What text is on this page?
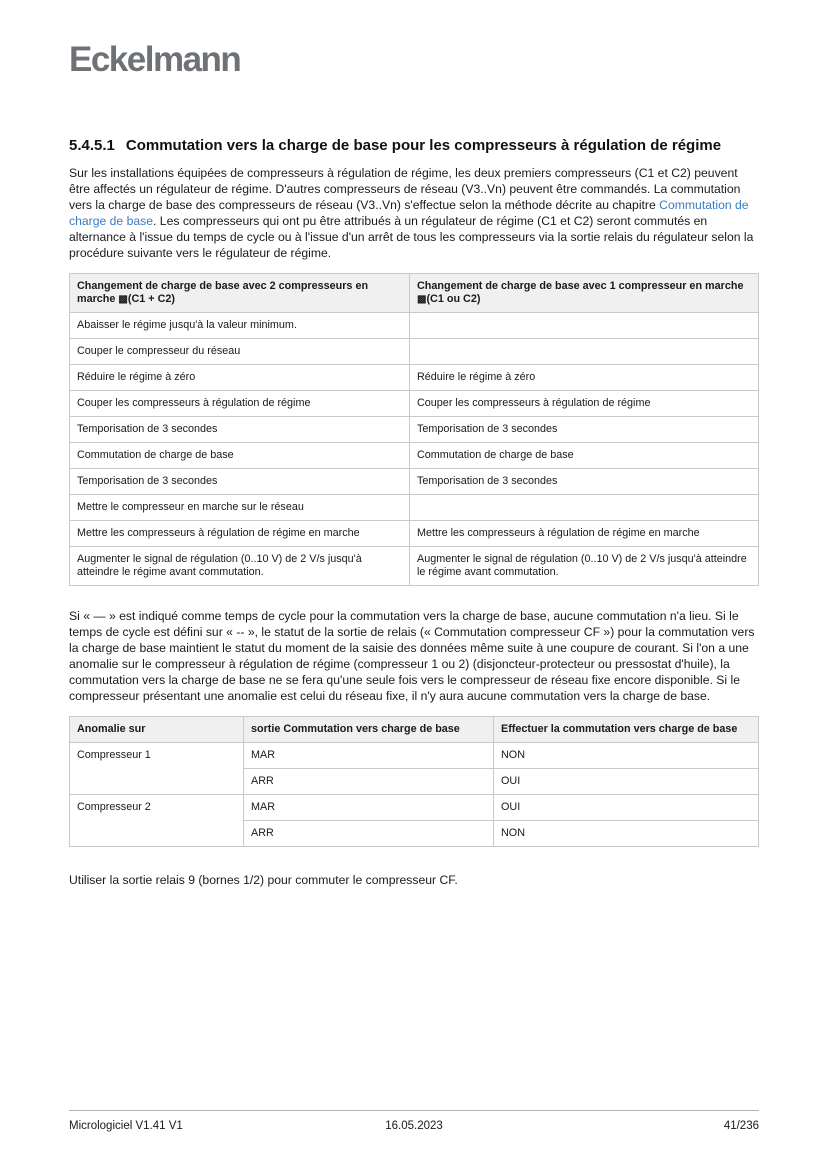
Eckelmann
5.4.5.1 Commutation vers la charge de base pour les compresseurs à régulation de régime
Sur les installations équipées de compresseurs à régulation de régime, les deux premiers compresseurs (C1 et C2) peuvent être affectés un régulateur de régime. D'autres compresseurs de réseau (V3..Vn) peuvent être commandés. La commutation vers la charge de base des compresseurs de réseau (V3..Vn) s'effectue selon la méthode décrite au chapitre Commutation de charge de base. Les compresseurs qui ont pu être attribués à un régulateur de régime (C1 et C2) seront commutés en alternance à l'issue du temps de cycle ou à l'issue d'un arrêt de tous les compresseurs via la sortie relais du régulateur selon la procédure suivante vers le régulateur de régime.
Changement de charge de base avec 2 compresseurs en marche ▩(C1 + C2)	Changement de charge de base avec 1 compresseur en marche ▩(C1 ou C2)
Abaisser le régime jusqu'à la valeur minimum.	
Couper le compresseur du réseau	
Réduire le régime à zéro	Réduire le régime à zéro
Couper les compresseurs à régulation de régime	Couper les compresseurs à régulation de régime
Temporisation de 3 secondes	Temporisation de 3 secondes
Commutation de charge de base	Commutation de charge de base
Temporisation de 3 secondes	Temporisation de 3 secondes
Mettre le compresseur en marche sur le réseau	
Mettre les compresseurs à régulation de régime en marche	Mettre les compresseurs à régulation de régime en marche
Augmenter le signal de régulation (0..10 V) de 2 V/s jusqu'à atteindre le régime avant commutation.	Augmenter le signal de régulation (0..10 V) de 2 V/s jusqu'à atteindre le régime avant commutation.
Si « — » est indiqué comme temps de cycle pour la commutation vers la charge de base, aucune commutation n'a lieu. Si le temps de cycle est défini sur « -- », le statut de la sortie de relais (« Commutation compresseur CF ») pour la commutation vers la charge de base maintient le statut du moment de la saisie des données même suite à une coupure de courant. Si l'on a une anomalie sur le compresseur à régulation de régime (compresseur 1 ou 2) (disjoncteur-protecteur ou pressostat d'huile), la commutation vers la charge de base ne se fera qu'une seule fois vers le compresseur de réseau fixe encore disponible. Si le compresseur présentant une anomalie est celui du réseau fixe, il n'y aura aucune commutation vers la charge de base.
Anomalie sur	sortie Commutation vers charge de base	Effectuer la commutation vers charge de base
Compresseur 1	MAR	NON
	ARR	OUI
Compresseur 2	MAR	OUI
	ARR	NON
Utiliser la sortie relais 9 (bornes 1/2) pour commuter le compresseur CF.
Micrologiciel V1.41 V1	16.05.2023	41/236
